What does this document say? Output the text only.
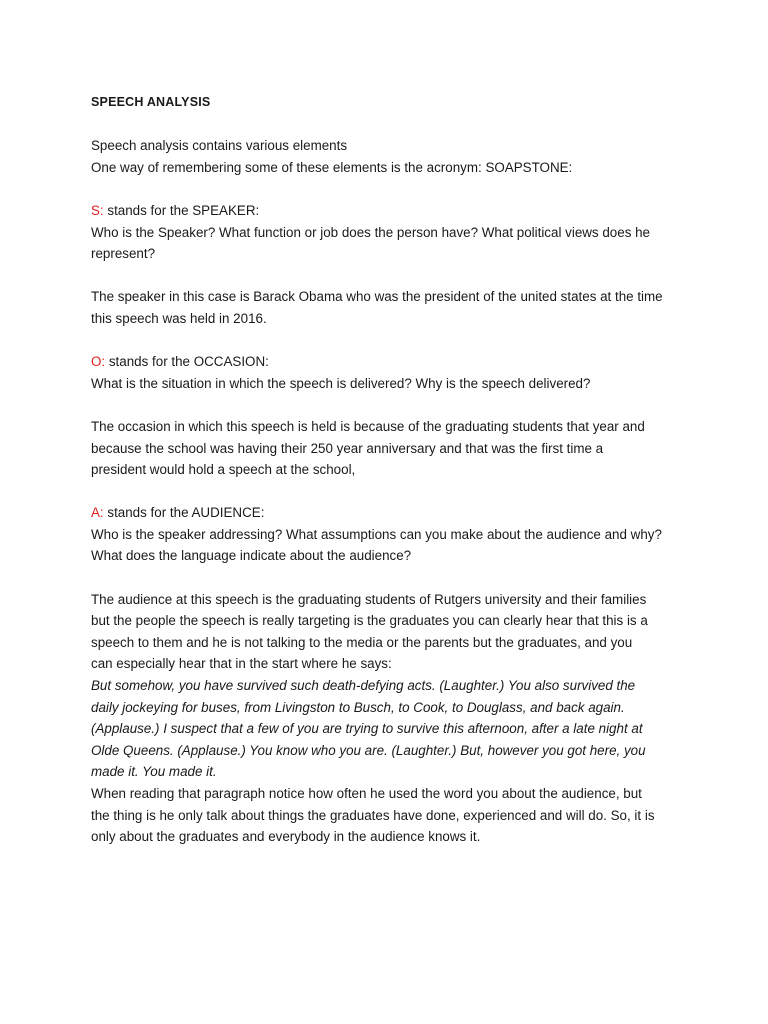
SPEECH ANALYSIS
Speech analysis contains various elements
One way of remembering some of these elements is the acronym: SOAPSTONE:
S: stands for the SPEAKER:
Who is the Speaker? What function or job does the person have? What political views does he
represent?
The speaker in this case is Barack Obama who was the president of the united states at the time
this speech was held in 2016.
O: stands for the OCCASION:
What is the situation in which the speech is delivered? Why is the speech delivered?
The occasion in which this speech is held is because of the graduating students that year and
because the school was having their 250 year anniversary and that was the first time a
president would hold a speech at the school,
A: stands for the AUDIENCE:
Who is the speaker addressing? What assumptions can you make about the audience and why?
What does the language indicate about the audience?
The audience at this speech is the graduating students of Rutgers university and their families
but the people the speech is really targeting is the graduates you can clearly hear that this is a
speech to them and he is not talking to the media or the parents but the graduates, and you
can especially hear that in the start where he says:
But somehow, you have survived such death-defying acts. (Laughter.) You also survived the
daily jockeying for buses, from Livingston to Busch, to Cook, to Douglass, and back again.
(Applause.) I suspect that a few of you are trying to survive this afternoon, after a late night at
Olde Queens. (Applause.) You know who you are. (Laughter.) But, however you got here, you
made it. You made it.
When reading that paragraph notice how often he used the word you about the audience, but
the thing is he only talk about things the graduates have done, experienced and will do. So, it is
only about the graduates and everybody in the audience knows it.
